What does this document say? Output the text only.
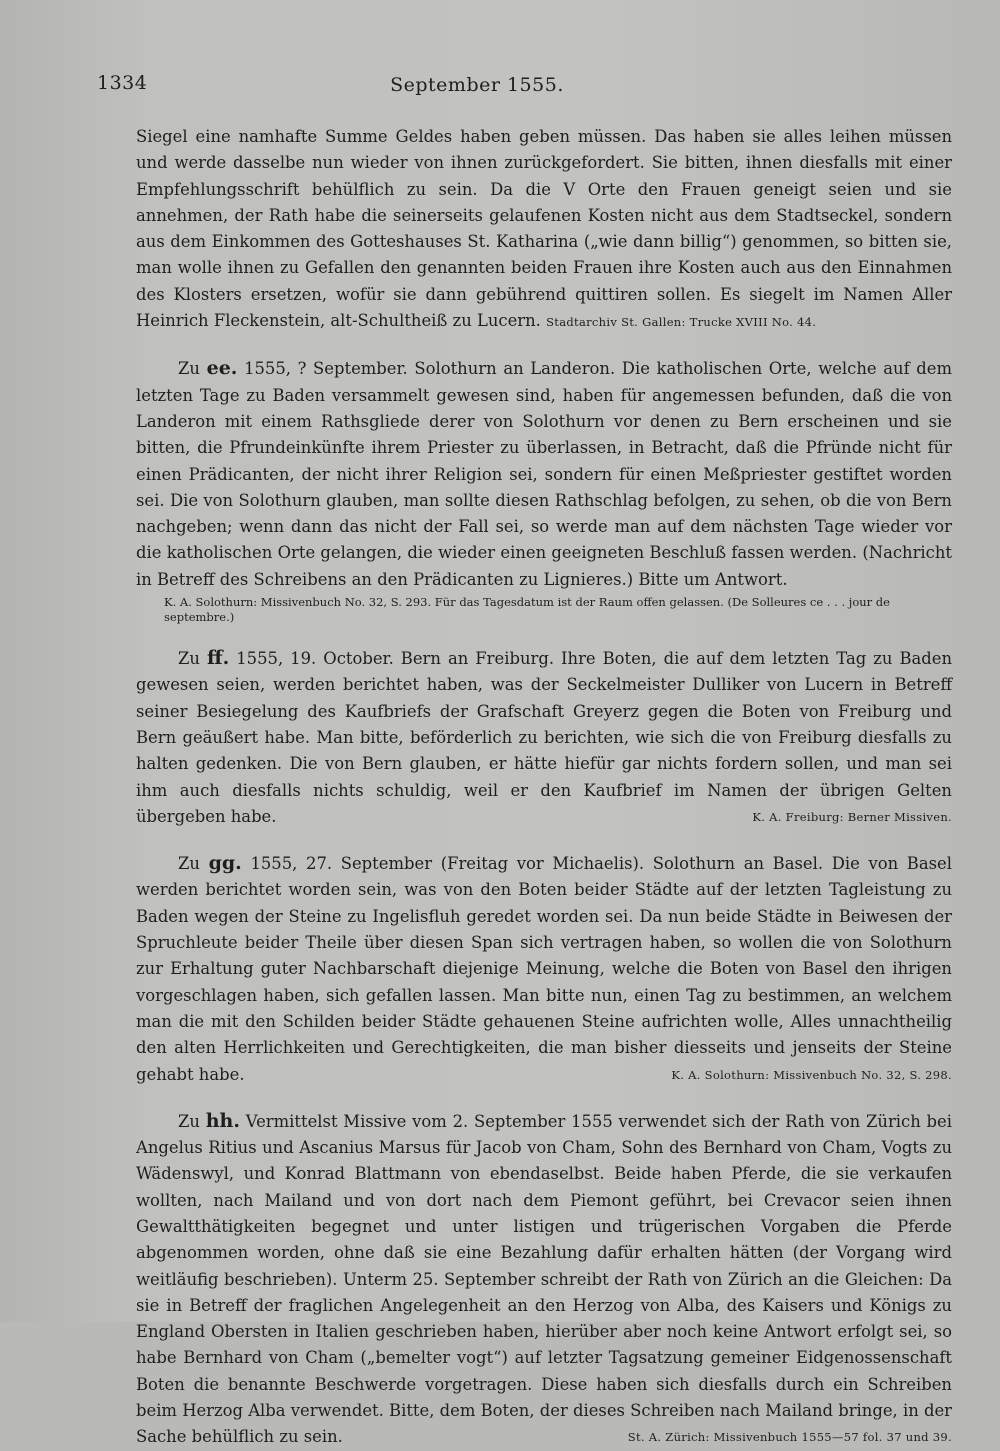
1334	September 1555.

Siegel eine namhafte Summe Geldes haben geben müssen. Das haben sie alles leihen müssen und werde dasselbe nun wieder von ihnen zurückgefordert. Sie bitten, ihnen diesfalls mit einer Empfehlungsschrift behülflich zu sein. Da die V Orte den Frauen geneigt seien und sie annehmen, der Rath habe die seinerseits gelaufenen Kosten nicht aus dem Stadtseckel, sondern aus dem Einkommen des Gotteshauses St. Katharina („wie dann billig“) genommen, so bitten sie, man wolle ihnen zu Gefallen den genannten beiden Frauen ihre Kosten auch aus den Einnahmen des Klosters ersetzen, wofür sie dann gebührend quittiren sollen. Es siegelt im Namen Aller Heinrich Fleckenstein, alt-Schultheiß zu Lucern. Stadtarchiv St. Gallen: Trucke XVIII No. 44.

Zu ee. 1555, ? September. Solothurn an Landeron. Die katholischen Orte, welche auf dem letzten Tage zu Baden versammelt gewesen sind, haben für angemessen befunden, daß die von Landeron mit einem Rathsgliede derer von Solothurn vor denen zu Bern erscheinen und sie bitten, die Pfrundeinkünfte ihrem Priester zu überlassen, in Betracht, daß die Pfründe nicht für einen Prädicanten, der nicht ihrer Religion sei, sondern für einen Meßpriester gestiftet worden sei. Die von Solothurn glauben, man sollte diesen Rathschlag befolgen, zu sehen, ob die von Bern nachgeben; wenn dann das nicht der Fall sei, so werde man auf dem nächsten Tage wieder vor die katholischen Orte gelangen, die wieder einen geeigneten Beschluß fassen werden. (Nachricht in Betreff des Schreibens an den Prädicanten zu Lignieres.) Bitte um Antwort.

K. A. Solothurn: Missivenbuch No. 32, S. 293. Für das Tagesdatum ist der Raum offen gelassen. (De Solleures ce . . . jour de septembre.)

Zu ff. 1555, 19. October. Bern an Freiburg. Ihre Boten, die auf dem letzten Tag zu Baden gewesen seien, werden berichtet haben, was der Seckelmeister Dulliker von Lucern in Betreff seiner Besiegelung des Kaufbriefs der Grafschaft Greyerz gegen die Boten von Freiburg und Bern geäußert habe. Man bitte, beförderlich zu berichten, wie sich die von Freiburg diesfalls zu halten gedenken. Die von Bern glauben, er hätte hiefür gar nichts fordern sollen, und man sei ihm auch diesfalls nichts schuldig, weil er den Kaufbrief im Namen der übrigen Gelten übergeben habe.	K. A. Freiburg: Berner Missiven.

Zu gg. 1555, 27. September (Freitag vor Michaelis). Solothurn an Basel. Die von Basel werden berichtet worden sein, was von den Boten beider Städte auf der letzten Tagleistung zu Baden wegen der Steine zu Ingelisfluh geredet worden sei. Da nun beide Städte in Beiwesen der Spruchleute beider Theile über diesen Span sich vertragen haben, so wollen die von Solothurn zur Erhaltung guter Nachbarschaft diejenige Meinung, welche die Boten von Basel den ihrigen vorgeschlagen haben, sich gefallen lassen. Man bitte nun, einen Tag zu bestimmen, an welchem man die mit den Schilden beider Städte gehauenen Steine aufrichten wolle, Alles unnachtheilig den alten Herrlichkeiten und Gerechtigkeiten, die man bisher diesseits und jenseits der Steine gehabt habe.	K. A. Solothurn: Missivenbuch No. 32, S. 298.

Zu hh. Vermittelst Missive vom 2. September 1555 verwendet sich der Rath von Zürich bei Angelus Ritius und Ascanius Marsus für Jacob von Cham, Sohn des Bernhard von Cham, Vogts zu Wädenswyl, und Konrad Blattmann von ebendaselbst. Beide haben Pferde, die sie verkaufen wollten, nach Mailand und von dort nach dem Piemont geführt, bei Crevacor seien ihnen Gewaltthätigkeiten begegnet und unter listigen und trügerischen Vorgaben die Pferde abgenommen worden, ohne daß sie eine Bezahlung dafür erhalten hätten (der Vorgang wird weitläufig beschrieben). Unterm 25. September schreibt der Rath von Zürich an die Gleichen: Da sie in Betreff der fraglichen Angelegenheit an den Herzog von Alba, des Kaisers und Königs zu England Obersten in Italien geschrieben haben, hierüber aber noch keine Antwort erfolgt sei, so habe Bernhard von Cham („bemelter vogt“) auf letzter Tagsatzung gemeiner Eidgenossenschaft Boten die benannte Beschwerde vorgetragen. Diese haben sich diesfalls durch ein Schreiben beim Herzog Alba verwendet. Bitte, dem Boten, der dieses Schreiben nach Mailand bringe, in der Sache behülflich zu sein.	St. A. Zürich: Missivenbuch 1555—57 fol. 37 und 39.
